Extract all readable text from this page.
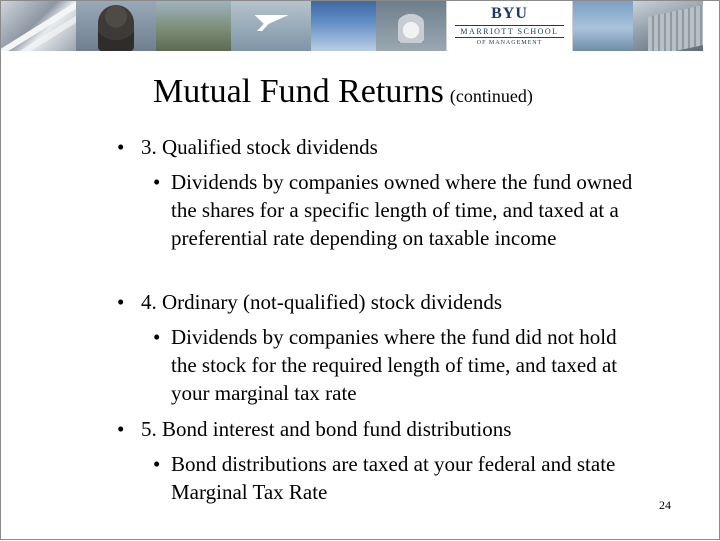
BYU
MARRIOTT SCHOOL
OF MANAGEMENT
Mutual Fund Returns (continued)
• 3. Qualified stock dividends
• Dividends by companies owned where the fund owned the shares for a specific length of time, and taxed at a preferential rate depending on taxable income
• 4. Ordinary (not-qualified) stock dividends
• Dividends by companies where the fund did not hold the stock for the required length of time, and taxed at your marginal tax rate
• 5. Bond interest and bond fund distributions
• Bond distributions are taxed at your federal and state Marginal Tax Rate
24
